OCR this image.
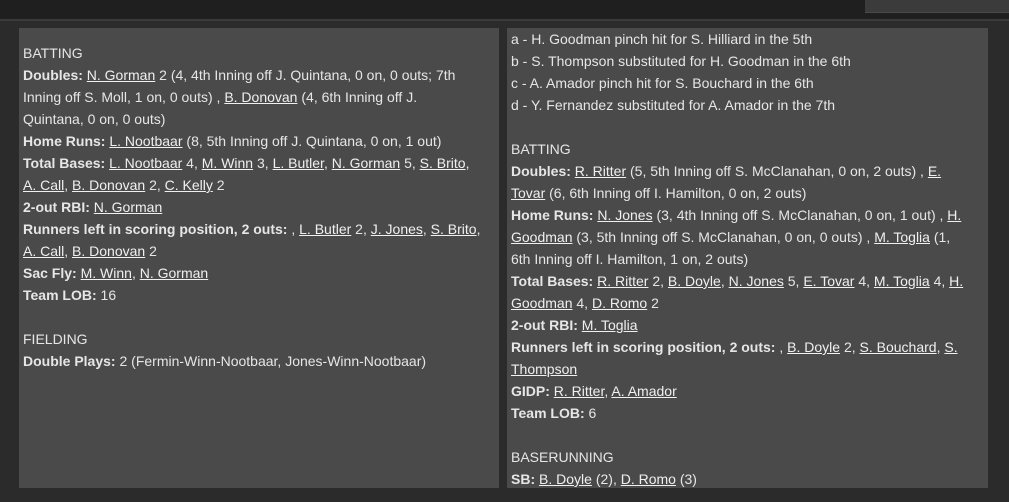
BATTING
Doubles: N. Gorman 2 (4, 4th Inning off J. Quintana, 0 on, 0 outs; 7th
Inning off S. Moll, 1 on, 0 outs) , B. Donovan (4, 6th Inning off J.
Quintana, 0 on, 0 outs)
Home Runs: L. Nootbaar (8, 5th Inning off J. Quintana, 0 on, 1 out)
Total Bases: L. Nootbaar 4, M. Winn 3, L. Butler, N. Gorman 5, S. Brito,
A. Call, B. Donovan 2, C. Kelly 2
2-out RBI: N. Gorman
Runners left in scoring position, 2 outs: , L. Butler 2, J. Jones, S. Brito,
A. Call, B. Donovan 2
Sac Fly: M. Winn, N. Gorman
Team LOB: 16
FIELDING
Double Plays: 2 (Fermin-Winn-Nootbaar, Jones-Winn-Nootbaar)
a - H. Goodman pinch hit for S. Hilliard in the 5th
b - S. Thompson substituted for H. Goodman in the 6th
c - A. Amador pinch hit for S. Bouchard in the 6th
d - Y. Fernandez substituted for A. Amador in the 7th
BATTING
Doubles: R. Ritter (5, 5th Inning off S. McClanahan, 0 on, 2 outs) , E.
Tovar (6, 6th Inning off I. Hamilton, 0 on, 2 outs)
Home Runs: N. Jones (3, 4th Inning off S. McClanahan, 0 on, 1 out) , H.
Goodman (3, 5th Inning off S. McClanahan, 0 on, 0 outs) , M. Toglia (1,
6th Inning off I. Hamilton, 1 on, 2 outs)
Total Bases: R. Ritter 2, B. Doyle, N. Jones 5, E. Tovar 4, M. Toglia 4, H.
Goodman 4, D. Romo 2
2-out RBI: M. Toglia
Runners left in scoring position, 2 outs: , B. Doyle 2, S. Bouchard, S.
Thompson
GIDP: R. Ritter, A. Amador
Team LOB: 6
BASERUNNING
SB: B. Doyle (2), D. Romo (3)
